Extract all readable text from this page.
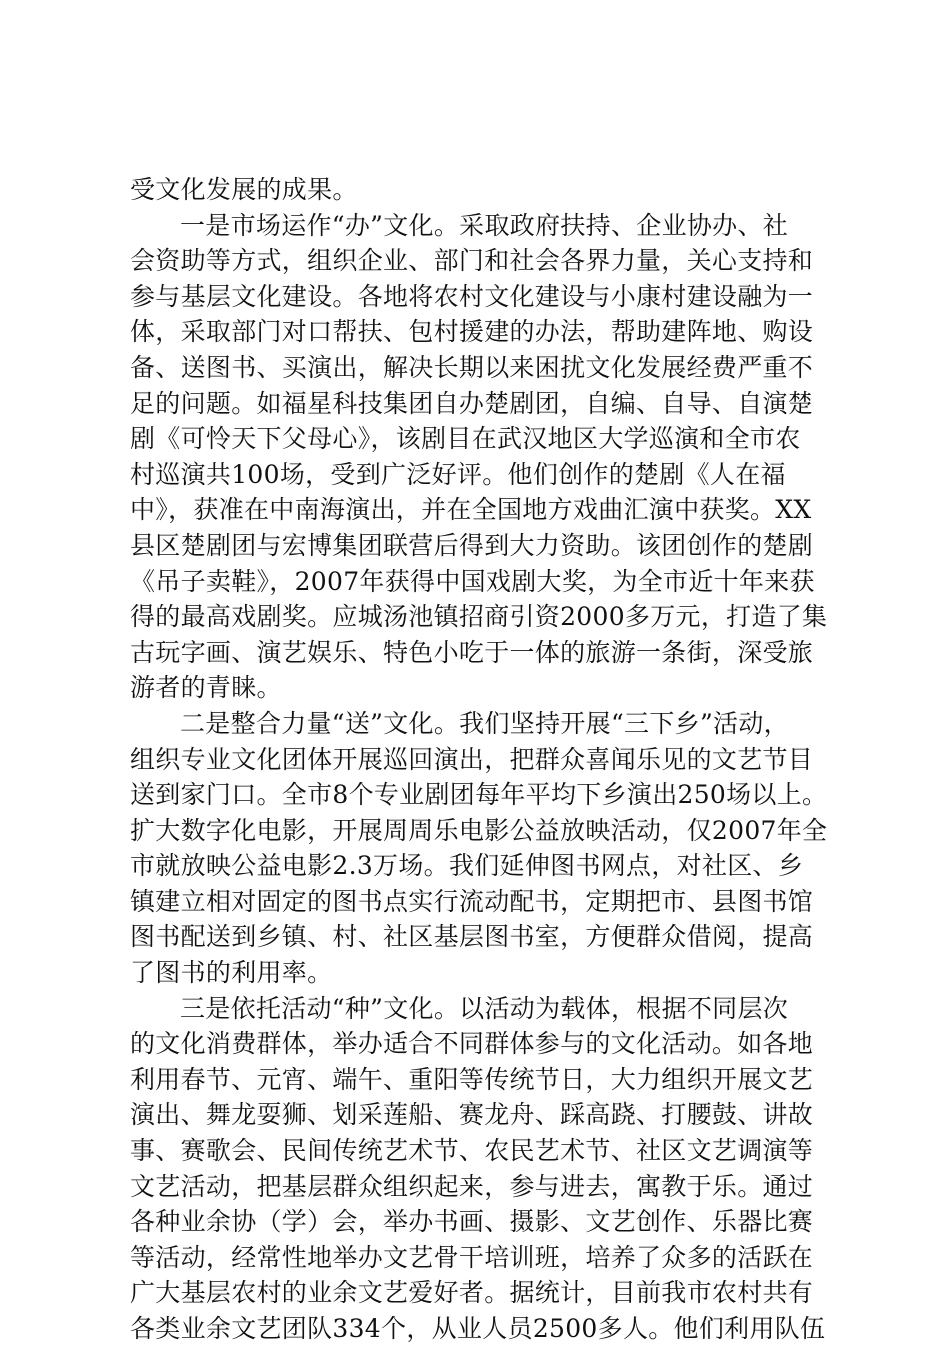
受文化发展的成果。
一是市场运作“办”文化。采取政府扶持、企业协办、社
会资助等方式，组织企业、部门和社会各界力量，关心支持和
参与基层文化建设。各地将农村文化建设与小康村建设融为一
体，采取部门对口帮扶、包村援建的办法，帮助建阵地、购设
备、送图书、买演出，解决长期以来困扰文化发展经费严重不
足的问题。如福星科技集团自办楚剧团，自编、自导、自演楚
剧《可怜天下父母心》，该剧目在武汉地区大学巡演和全市农
村巡演共100场，受到广泛好评。他们创作的楚剧《人在福
中》，获准在中南海演出，并在全国地方戏曲汇演中获奖。XX
县区楚剧团与宏博集团联营后得到大力资助。该团创作的楚剧
《吊子卖鞋》，2007年获得中国戏剧大奖，为全市近十年来获
得的最高戏剧奖。应城汤池镇招商引资2000多万元，打造了集
古玩字画、演艺娱乐、特色小吃于一体的旅游一条街，深受旅
游者的青睐。
二是整合力量“送”文化。我们坚持开展“三下乡”活动，
组织专业文化团体开展巡回演出，把群众喜闻乐见的文艺节目
送到家门口。全市8个专业剧团每年平均下乡演出250场以上。
扩大数字化电影，开展周周乐电影公益放映活动，仅2007年全
市就放映公益电影2.3万场。我们延伸图书网点，对社区、乡
镇建立相对固定的图书点实行流动配书，定期把市、县图书馆
图书配送到乡镇、村、社区基层图书室，方便群众借阅，提高
了图书的利用率。
三是依托活动“种”文化。以活动为载体，根据不同层次
的文化消费群体，举办适合不同群体参与的文化活动。如各地
利用春节、元宵、端午、重阳等传统节日，大力组织开展文艺
演出、舞龙耍狮、划采莲船、赛龙舟、踩高跷、打腰鼓、讲故
事、赛歌会、民间传统艺术节、农民艺术节、社区文艺调演等
文艺活动，把基层群众组织起来，参与进去，寓教于乐。通过
各种业余协（学）会，举办书画、摄影、文艺创作、乐器比赛
等活动，经常性地举办文艺骨干培训班，培养了众多的活跃在
广大基层农村的业余文艺爱好者。据统计，目前我市农村共有
各类业余文艺团队334个，从业人员2500多人。他们利用队伍
